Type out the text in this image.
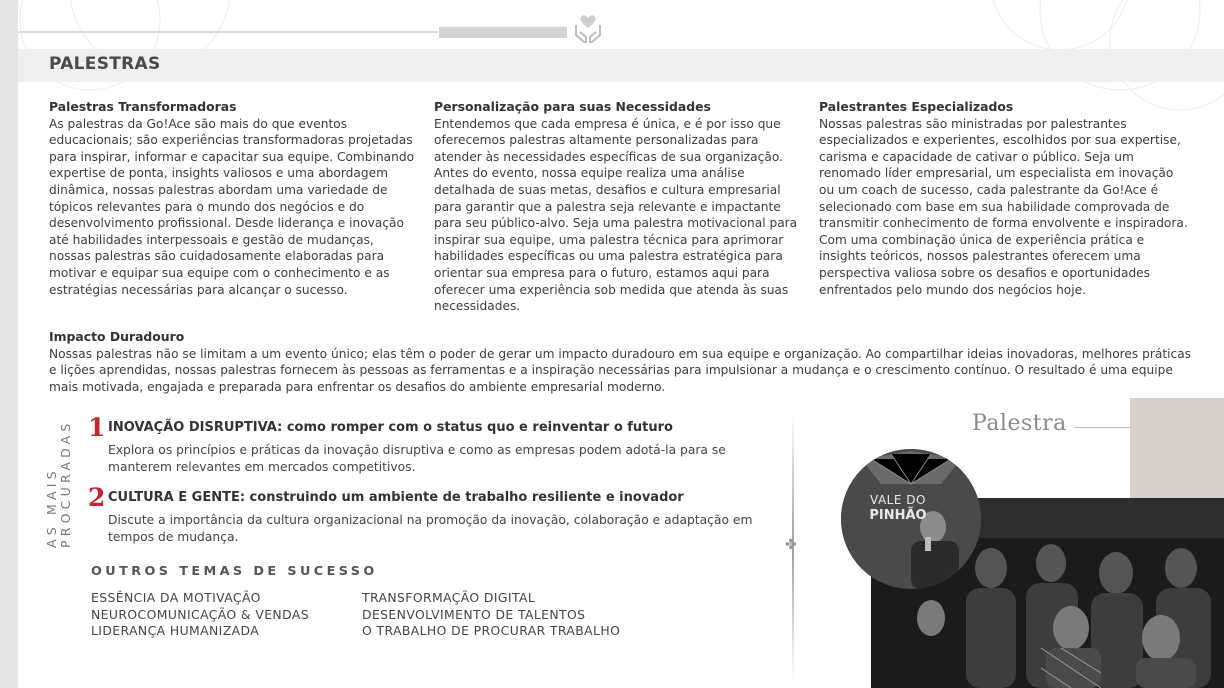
PALESTRAS
Palestras Transformadoras

As palestras da Go!Ace são mais do que eventos educacionais; são experiências transformadoras projetadas para inspirar, informar e capacitar sua equipe. Combinando expertise de ponta, insights valiosos e uma abordagem dinâmica, nossas palestras abordam uma variedade de tópicos relevantes para o mundo dos negócios e do desenvolvimento profissional. Desde liderança e inovação até habilidades interpessoais e gestão de mudanças, nossas palestras são cuidadosamente elaboradas para motivar e equipar sua equipe com o conhecimento e as estratégias necessárias para alcançar o sucesso.

Personalização para suas Necessidades

Entendemos que cada empresa é única, e é por isso que oferecemos palestras altamente personalizadas para atender às necessidades específicas de sua organização. Antes do evento, nossa equipe realiza uma análise detalhada de suas metas, desafios e cultura empresarial para garantir que a palestra seja relevante e impactante para seu público-alvo. Seja uma palestra motivacional para inspirar sua equipe, uma palestra técnica para aprimorar habilidades específicas ou uma palestra estratégica para orientar sua empresa para o futuro, estamos aqui para oferecer uma experiência sob medida que atenda às suas necessidades.

Palestrantes Especializados

Nossas palestras são ministradas por palestrantes especializados e experientes, escolhidos por sua expertise, carisma e capacidade de cativar o público. Seja um renomado líder empresarial, um especialista em inovação ou um coach de sucesso, cada palestrante da Go!Ace é selecionado com base em sua habilidade comprovada de transmitir conhecimento de forma envolvente e inspiradora. Com uma combinação única de experiência prática e insights teóricos, nossos palestrantes oferecem uma perspectiva valiosa sobre os desafios e oportunidades enfrentados pelo mundo dos negócios hoje.

Impacto Duradouro

Nossas palestras não se limitam a um evento único; elas têm o poder de gerar um impacto duradouro em sua equipe e organização. Ao compartilhar ideias inovadoras, melhores práticas e lições aprendidas, nossas palestras fornecem às pessoas as ferramentas e a inspiração necessárias para impulsionar a mudança e o crescimento contínuo. O resultado é uma equipe mais motivada, engajada e preparada para enfrentar os desafios do ambiente empresarial moderno.

AS MAIS PROCURADAS 1 INOVAÇÃO DISRUPTIVA: como romper com o status quo e reinventar o futuro

Explora os princípios e práticas da inovação disruptiva e como as empresas podem adotá-la para se manterem relevantes em mercados competitivos.

2 CULTURA E GENTE: construindo um ambiente de trabalho resiliente e inovador

Discute a importância da cultura organizacional na promoção da inovação, colaboração e adaptação em tempos de mudança.

OUTROS TEMAS DE SUCESSO
ESSÊNCIA DA MOTIVAÇÃO
NEUROCOMUNICAÇÃO & VENDAS
LIDERANÇA HUMANIZADA
TRANSFORMAÇÃO DIGITAL
DESENVOLVIMENTO DE TALENTOS
O TRABALHO DE PROCURAR TRABALHO
✤
Palestra
VALE DO
PINHÃO
